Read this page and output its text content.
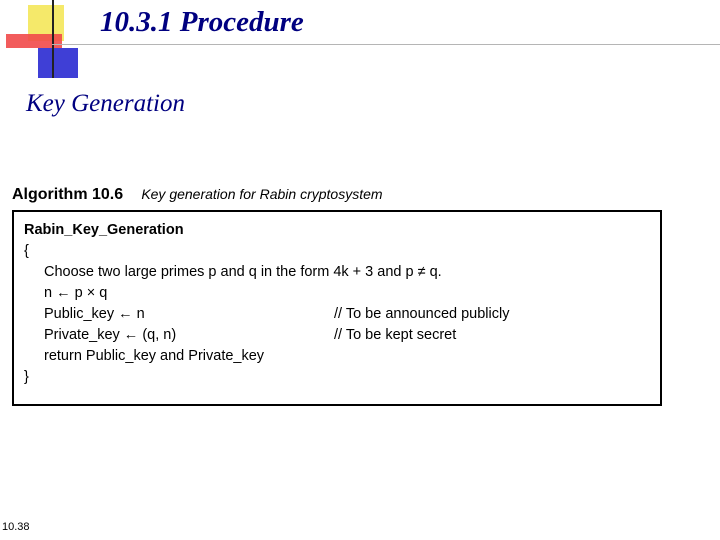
10.3.1 Procedure
Key Generation
Algorithm 10.6 Key generation for Rabin cryptosystem
Rabin_Key_Generation
{
Choose two large primes p and q in the form 4k + 3 and p ≠ q.
n ← p × q
Public_key ← n	// To be announced publicly
Private_key ← (q, n)	// To be kept secret
return Public_key and Private_key
}
10.38
